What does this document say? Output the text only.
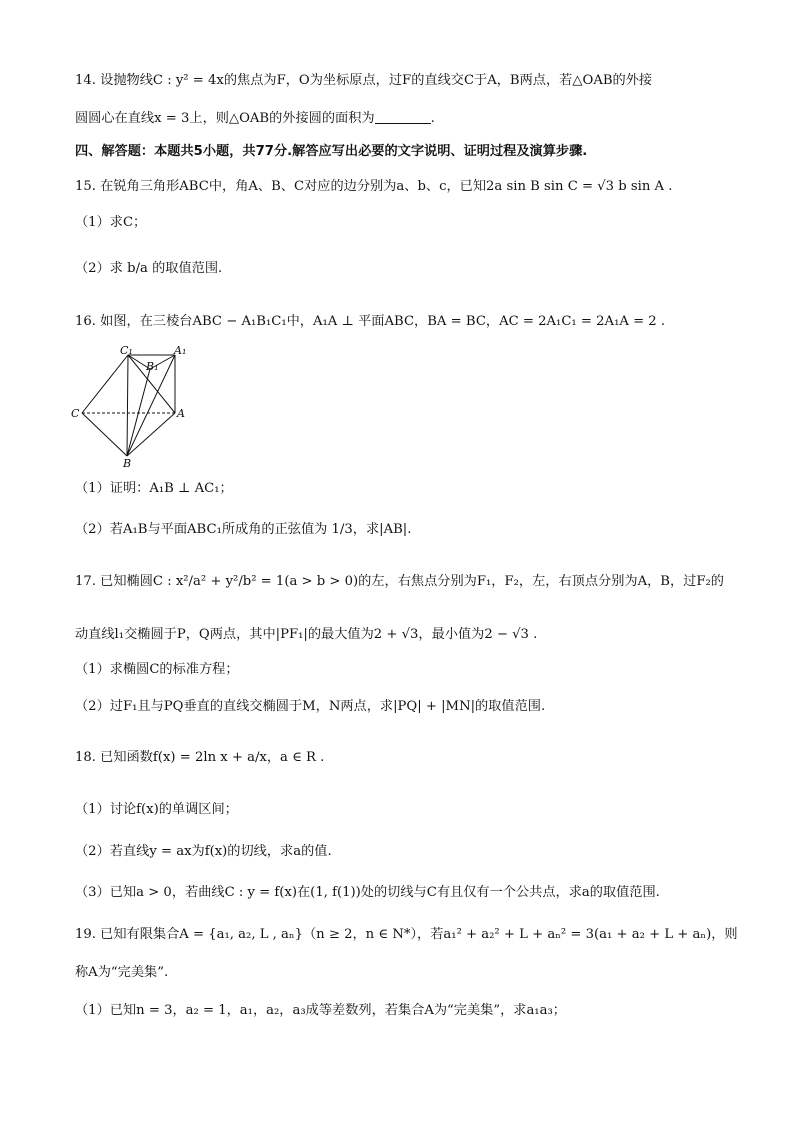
14. 设抛物线C : y² = 4x的焦点为F，O为坐标原点，过F的直线交C于A，B两点，若△OAB的外接
圆圆心在直线x = 3上，则△OAB的外接圆的面积为	.
四、解答题：本题共5小题，共77分.解答应写出必要的文字说明、证明过程及演算步骤.
15. 在锐角三角形ABC中，角A、B、C对应的边分别为a、b、c，已知2a sin B sin C = √3 b sin A .
（1）求C；
（2）求 b/a 的取值范围.
16. 如图，在三棱台ABC − A₁B₁C₁中，A₁A ⊥ 平面ABC，BA = BC，AC = 2A₁C₁ = 2A₁A = 2 .
C₁	A₁
B₁
C	A
B
（1）证明：A₁B ⊥ AC₁；
（2）若A₁B与平面ABC₁所成角的正弦值为 1/3，求|AB|.
17. 已知椭圆C : x²/a² + y²/b² = 1(a > b > 0)的左，右焦点分别为F₁，F₂，左，右顶点分别为A，B，过F₂的
动直线l₁交椭圆于P，Q两点，其中|PF₁|的最大值为2 + √3，最小值为2 − √3 .
（1）求椭圆C的标准方程；
（2）过F₁且与PQ垂直的直线交椭圆于M，N两点，求|PQ| + |MN|的取值范围.
18. 已知函数f(x) = 2ln x + a/x，a ∈ R .
（1）讨论f(x)的单调区间；
（2）若直线y = ax为f(x)的切线，求a的值.
（3）已知a > 0，若曲线C : y = f(x)在(1, f(1))处的切线与C有且仅有一个公共点，求a的取值范围.
19. 已知有限集合A = {a₁, a₂, L , aₙ}（n ≥ 2，n ∈ N*），若a₁² + a₂² + L + aₙ² = 3(a₁ + a₂ + L + aₙ)，则
称A为“完美集”.
（1）已知n = 3，a₂ = 1，a₁，a₂，a₃成等差数列，若集合A为“完美集”，求a₁a₃；
